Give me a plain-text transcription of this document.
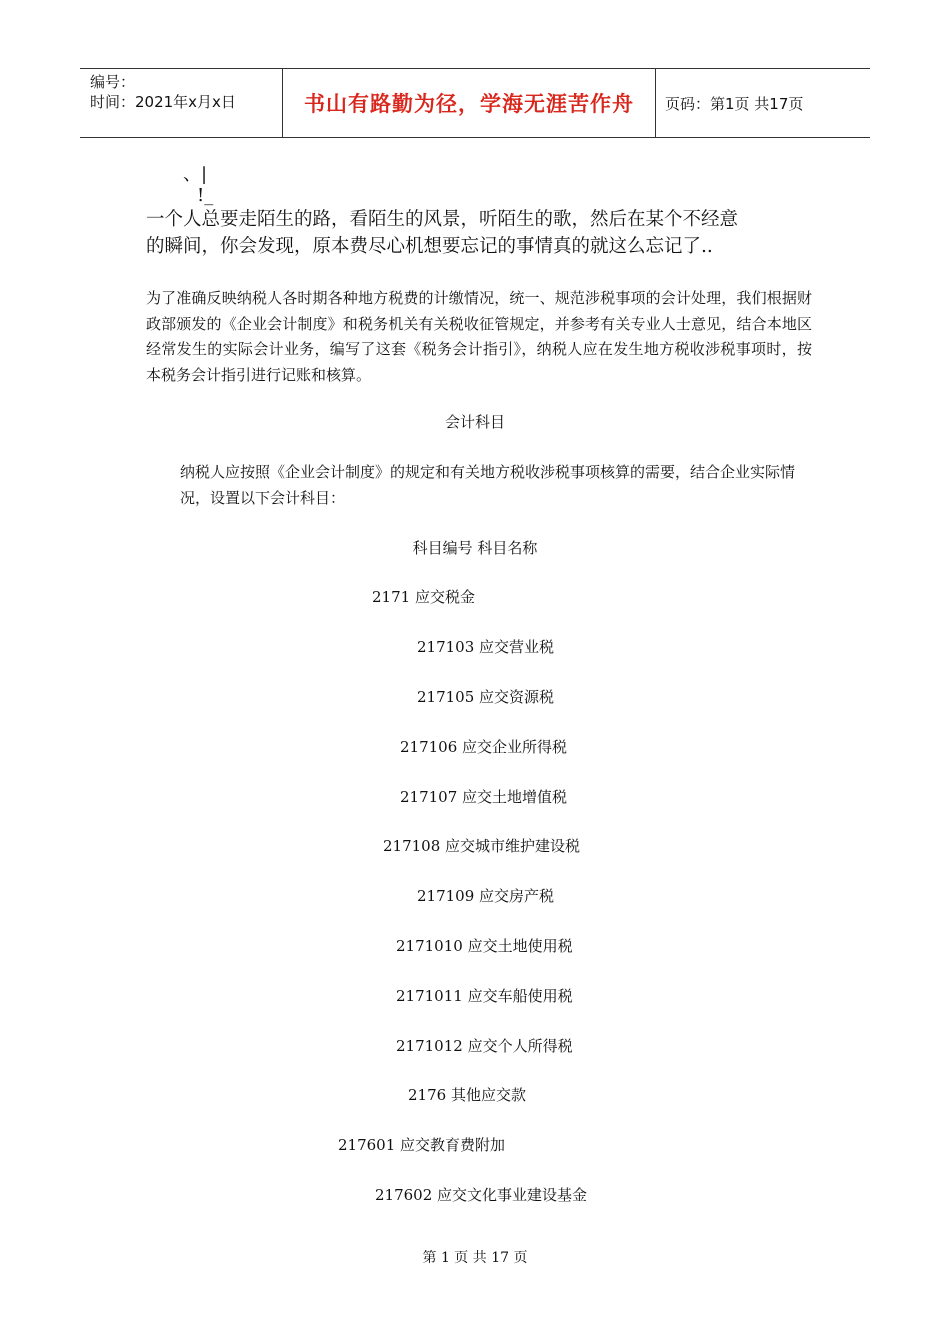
编号：
时间：2021年x月x日	书山有路勤为径，学海无涯苦作舟 页码：第1页 共17页
、|
!_
一个人总要走陌生的路，看陌生的风景，听陌生的歌，然后在某个不经意
的瞬间，你会发现，原本费尽心机想要忘记的事情真的就这么忘记了..
为了准确反映纳税人各时期各种地方税费的计缴情况，统一、规范涉税事项的会计处理，我们根据财政部颁发的《企业会计制度》和税务机关有关税收征管规定，并参考有关专业人士意见，结合本地区经常发生的实际会计业务，编写了这套《税务会计指引》，纳税人应在发生地方税收涉税事项时，按本税务会计指引进行记账和核算。
会计科目
纳税人应按照《企业会计制度》的规定和有关地方税收涉税事项核算的需要，结合企业实际情况，设置以下会计科目：
科目编号 科目名称
2171 应交税金
217103 应交营业税
217105 应交资源税
217106 应交企业所得税
217107 应交土地增值税
217108 应交城市维护建设税
217109 应交房产税
2171010 应交土地使用税
2171011 应交车船使用税
2171012 应交个人所得税
2176 其他应交款
217601 应交教育费附加
217602 应交文化事业建设基金
第 1 页 共 17 页
